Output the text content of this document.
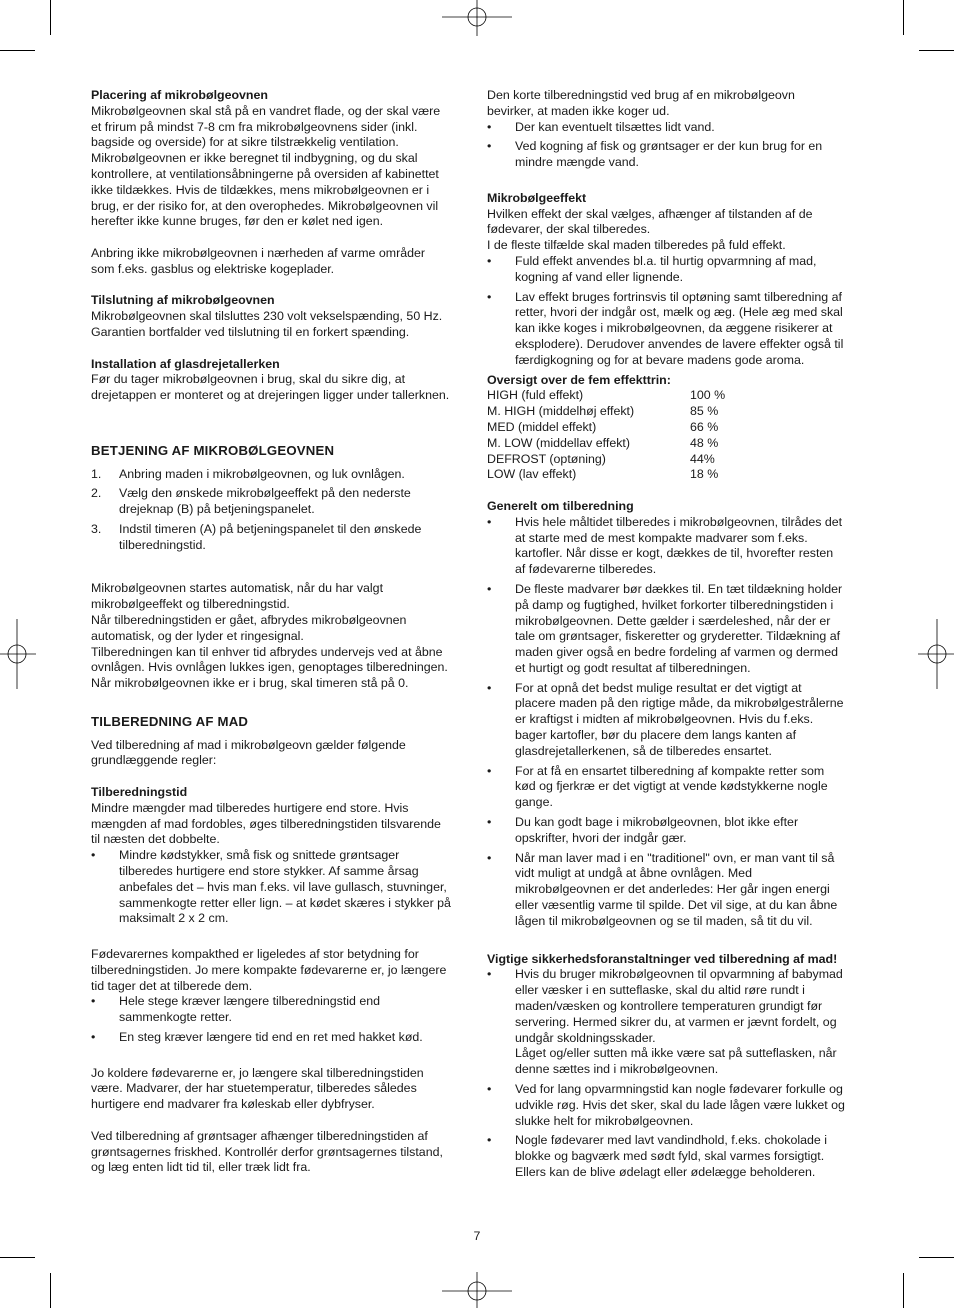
Placering af mikrobølgeovnen

Mikrobølgeovnen skal stå på en vandret flade, og der skal være
et frirum på mindst 7-8 cm fra mikrobølgeovnens sider (inkl.
bagside og overside) for at sikre tilstrækkelig ventilation.
Mikrobølgeovnen er ikke beregnet til indbygning, og du skal
kontrollere, at ventilationsåbningerne på oversiden af kabinettet
ikke tildækkes. Hvis de tildækkes, mens mikrobølgeovnen er i
brug, er der risiko for, at den overophedes. Mikrobølgeovnen vil
herefter ikke kunne bruges, før den er kølet ned igen.

Anbring ikke mikrobølgeovnen i nærheden af varme områder
som f.eks. gasblus og elektriske kogeplader.

Tilslutning af mikrobølgeovnen

Mikrobølgeovnen skal tilsluttes 230 volt vekselspænding, 50 Hz.
Garantien bortfalder ved tilslutning til en forkert spænding.

Installation af glasdrejetallerken

Før du tager mikrobølgeovnen i brug, skal du sikre dig, at
drejetappen er monteret og at drejeringen ligger under tallerknen.

BETJENING AF MIKROBØLGEOVNEN

1. Anbring maden i mikrobølgeovnen, og luk ovnlågen.
2. Vælg den ønskede mikrobølgeeffekt på den nederste
drejeknap (B) på betjeningspanelet.
3. Indstil timeren (A) på betjeningspanelet til den ønskede
tilberedningstid.

Mikrobølgeovnen startes automatisk, når du har valgt
mikrobølgeeffekt og tilberedningstid.
Når tilberedningstiden er gået, afbrydes mikrobølgeovnen
automatisk, og der lyder et ringesignal.
Tilberedningen kan til enhver tid afbrydes undervejs ved at åbne
ovnlågen. Hvis ovnlågen lukkes igen, genoptages tilberedningen.
Når mikrobølgeovnen ikke er i brug, skal timeren stå på 0.

TILBEREDNING AF MAD

Ved tilberedning af mad i mikrobølgeovn gælder følgende
grundlæggende regler:

Tilberedningstid

Mindre mængder mad tilberedes hurtigere end store. Hvis
mængden af mad fordobles, øges tilberedningstiden tilsvarende
til næsten det dobbelte.

• Mindre kødstykker, små fisk og snittede grøntsager
tilberedes hurtigere end store stykker. Af samme årsag
anbefales det – hvis man f.eks. vil lave gullasch, stuvninger,
sammenkogte retter eller lign. – at kødet skæres i stykker på
maksimalt 2 x 2 cm.

Fødevarernes kompakthed er ligeledes af stor betydning for
tilberedningstiden. Jo mere kompakte fødevarerne er, jo længere
tid tager det at tilberede dem.

• Hele stege kræver længere tilberedningstid end
sammenkogte retter.
• En steg kræver længere tid end en ret med hakket kød.

Jo koldere fødevarerne er, jo længere skal tilberedningstiden
være. Madvarer, der har stuetemperatur, tilberedes således
hurtigere end madvarer fra køleskab eller dybfryser.

Ved tilberedning af grøntsager afhænger tilberedningstiden af
grøntsagernes friskhed. Kontrollér derfor grøntsagernes tilstand,
og læg enten lidt tid til, eller træk lidt fra.

Den korte tilberedningstid ved brug af en mikrobølgeovn
bevirker, at maden ikke koger ud.

• Der kan eventuelt tilsættes lidt vand.
• Ved kogning af fisk og grøntsager er der kun brug for en
mindre mængde vand.

Mikrobølgeeffekt

Hvilken effekt der skal vælges, afhænger af tilstanden af de
fødevarer, der skal tilberedes.
I de fleste tilfælde skal maden tilberedes på fuld effekt.

• Fuld effekt anvendes bl.a. til hurtig opvarmning af mad,
kogning af vand eller lignende.
• Lav effekt bruges fortrinsvis til optøning samt tilberedning af
retter, hvori der indgår ost, mælk og æg. (Hele æg med skal
kan ikke koges i mikrobølgeovnen, da æggene risikerer at
eksplodere). Derudover anvendes de lavere effekter også til
færdigkogning og for at bevare madens gode aroma.

Oversigt over de fem effekttrin:

HIGH (fuld effekt)	100 %
M. HIGH (middelhøj effekt)	85 %
MED (middel effekt)	66 %
M. LOW (middellav effekt)	48 %
DEFROST (optøning)	44%
LOW (lav effekt)	18 %

Generelt om tilberedning

• Hvis hele måltidet tilberedes i mikrobølgeovnen, tilrådes det
at starte med de mest kompakte madvarer som f.eks.
kartofler. Når disse er kogt, dækkes de til, hvorefter resten
af fødevarerne tilberedes.
• De fleste madvarer bør dækkes til. En tæt tildækning holder
på damp og fugtighed, hvilket forkorter tilberedningstiden i
mikrobølgeovnen. Dette gælder i særdeleshed, når der er
tale om grøntsager, fiskeretter og gryderetter. Tildækning af
maden giver også en bedre fordeling af varmen og dermed
et hurtigt og godt resultat af tilberedningen.
• For at opnå det bedst mulige resultat er det vigtigt at
placere maden på den rigtige måde, da mikrobølgestrålerne
er kraftigst i midten af mikrobølgeovnen. Hvis du f.eks.
bager kartofler, bør du placere dem langs kanten af
glasdrejetallerkenen, så de tilberedes ensartet.
• For at få en ensartet tilberedning af kompakte retter som
kød og fjerkræ er det vigtigt at vende kødstykkerne nogle
gange.
• Du kan godt bage i mikrobølgeovnen, blot ikke efter
opskrifter, hvori der indgår gær.
• Når man laver mad i en "traditionel" ovn, er man vant til så
vidt muligt at undgå at åbne ovnlågen. Med
mikrobølgeovnen er det anderledes: Her går ingen energi
eller væsentlig varme til spilde. Det vil sige, at du kan åbne
lågen til mikrobølgeovnen og se til maden, så tit du vil.

Vigtige sikkerhedsforanstaltninger ved tilberedning af mad!

• Hvis du bruger mikrobølgeovnen til opvarmning af babymad
eller væsker i en sutteflaske, skal du altid røre rundt i
maden/væsken og kontrollere temperaturen grundigt før
servering. Hermed sikrer du, at varmen er jævnt fordelt, og
undgår skoldningsskader.
Låget og/eller sutten må ikke være sat på sutteflasken, når
denne sættes ind i mikrobølgeovnen.
• Ved for lang opvarmningstid kan nogle fødevarer forkulle og
udvikle røg. Hvis det sker, skal du lade lågen være lukket og
slukke helt for mikrobølgeovnen.
• Nogle fødevarer med lavt vandindhold, f.eks. chokolade i
blokke og bagværk med sødt fyld, skal varmes forsigtigt.
Ellers kan de blive ødelagt eller ødelægge beholderen.
7
